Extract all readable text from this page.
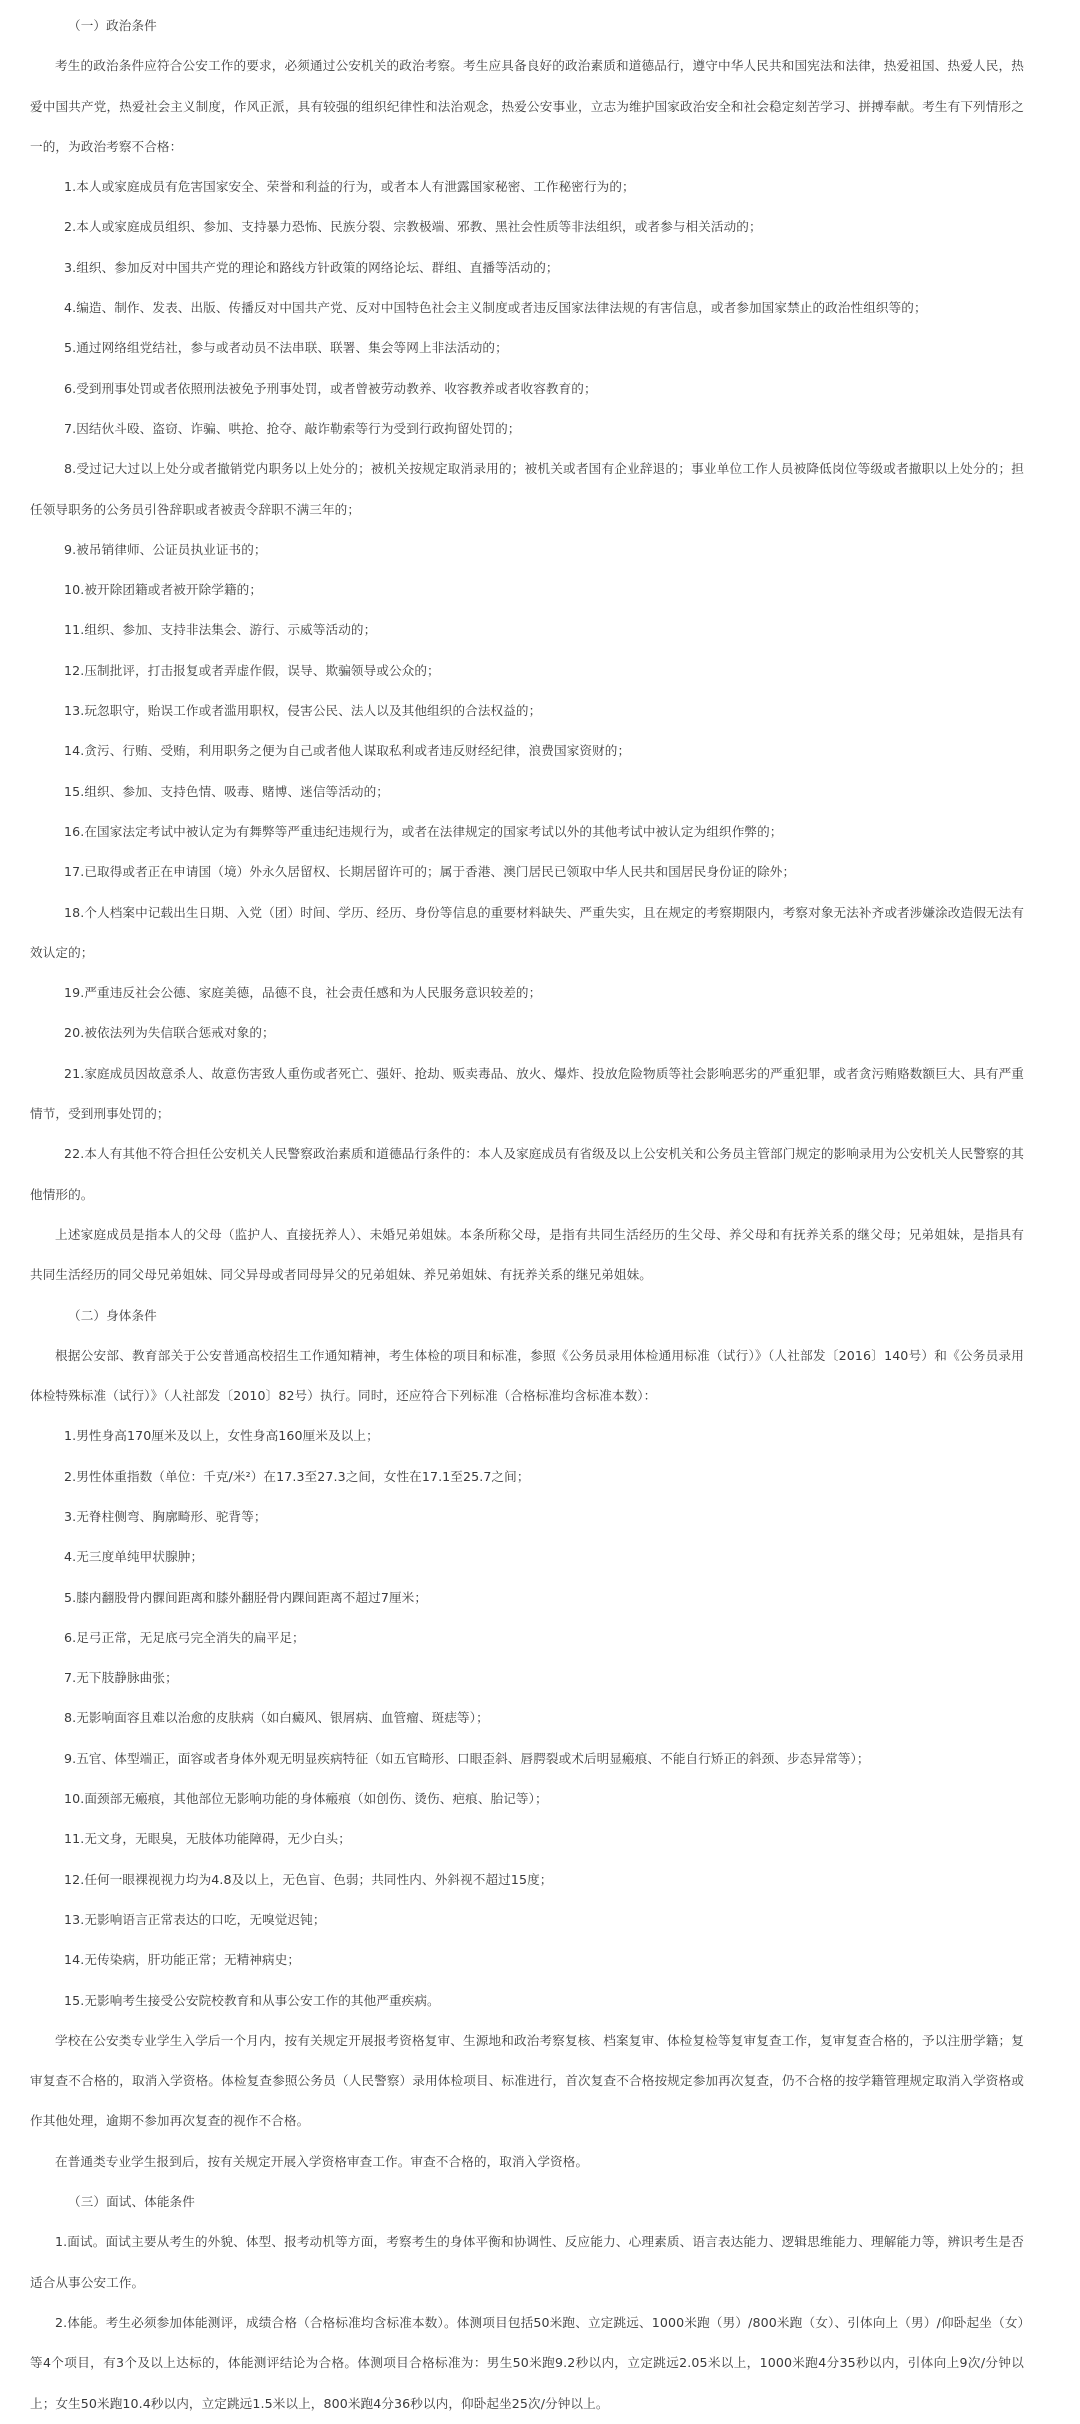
（一）政治条件

考生的政治条件应符合公安工作的要求，必须通过公安机关的政治考察。考生应具备良好的政治素质和道德品行，遵守中华人民共和国宪法和法律，热爱祖国、热爱人民，热爱中国共产党，热爱社会主义制度，作风正派，具有较强的组织纪律性和法治观念，热爱公安事业，立志为维护国家政治安全和社会稳定刻苦学习、拼搏奉献。考生有下列情形之一的，为政治考察不合格：

1.本人或家庭成员有危害国家安全、荣誉和利益的行为，或者本人有泄露国家秘密、工作秘密行为的；

2.本人或家庭成员组织、参加、支持暴力恐怖、民族分裂、宗教极端、邪教、黑社会性质等非法组织，或者参与相关活动的；

3.组织、参加反对中国共产党的理论和路线方针政策的网络论坛、群组、直播等活动的；

4.编造、制作、发表、出版、传播反对中国共产党、反对中国特色社会主义制度或者违反国家法律法规的有害信息，或者参加国家禁止的政治性组织等的；

5.通过网络组党结社，参与或者动员不法串联、联署、集会等网上非法活动的；

6.受到刑事处罚或者依照刑法被免予刑事处罚，或者曾被劳动教养、收容教养或者收容教育的；

7.因结伙斗殴、盗窃、诈骗、哄抢、抢夺、敲诈勒索等行为受到行政拘留处罚的；

8.受过记大过以上处分或者撤销党内职务以上处分的；被机关按规定取消录用的；被机关或者国有企业辞退的；事业单位工作人员被降低岗位等级或者撤职以上处分的；担任领导职务的公务员引咎辞职或者被责令辞职不满三年的；

9.被吊销律师、公证员执业证书的；

10.被开除团籍或者被开除学籍的；

11.组织、参加、支持非法集会、游行、示威等活动的；

12.压制批评，打击报复或者弄虚作假，误导、欺骗领导或公众的；

13.玩忽职守，贻误工作或者滥用职权，侵害公民、法人以及其他组织的合法权益的；

14.贪污、行贿、受贿，利用职务之便为自己或者他人谋取私利或者违反财经纪律，浪费国家资财的；

15.组织、参加、支持色情、吸毒、赌博、迷信等活动的；

16.在国家法定考试中被认定为有舞弊等严重违纪违规行为，或者在法律规定的国家考试以外的其他考试中被认定为组织作弊的；

17.已取得或者正在申请国（境）外永久居留权、长期居留许可的；属于香港、澳门居民已领取中华人民共和国居民身份证的除外；

18.个人档案中记载出生日期、入党（团）时间、学历、经历、身份等信息的重要材料缺失、严重失实，且在规定的考察期限内，考察对象无法补齐或者涉嫌涂改造假无法有效认定的；

19.严重违反社会公德、家庭美德，品德不良，社会责任感和为人民服务意识较差的；

20.被依法列为失信联合惩戒对象的；

21.家庭成员因故意杀人、故意伤害致人重伤或者死亡、强奸、抢劫、贩卖毒品、放火、爆炸、投放危险物质等社会影响恶劣的严重犯罪，或者贪污贿赂数额巨大、具有严重情节，受到刑事处罚的；

22.本人有其他不符合担任公安机关人民警察政治素质和道德品行条件的：本人及家庭成员有省级及以上公安机关和公务员主管部门规定的影响录用为公安机关人民警察的其他情形的。

上述家庭成员是指本人的父母（监护人、直接抚养人）、未婚兄弟姐妹。本条所称父母，是指有共同生活经历的生父母、养父母和有抚养关系的继父母；兄弟姐妹，是指具有共同生活经历的同父母兄弟姐妹、同父异母或者同母异父的兄弟姐妹、养兄弟姐妹、有抚养关系的继兄弟姐妹。

（二）身体条件

根据公安部、教育部关于公安普通高校招生工作通知精神，考生体检的项目和标准，参照《公务员录用体检通用标准（试行）》（人社部发〔2016〕140号）和《公务员录用体检特殊标准（试行）》（人社部发〔2010〕82号）执行。同时，还应符合下列标准（合格标准均含标准本数）：

1.男性身高170厘米及以上，女性身高160厘米及以上；

2.男性体重指数（单位：千克/米²）在17.3至27.3之间，女性在17.1至25.7之间；

3.无脊柱侧弯、胸廓畸形、驼背等；

4.无三度单纯甲状腺肿；

5.膝内翻股骨内髁间距离和膝外翻胫骨内踝间距离不超过7厘米；

6.足弓正常，无足底弓完全消失的扁平足；

7.无下肢静脉曲张；

8.无影响面容且难以治愈的皮肤病（如白癜风、银屑病、血管瘤、斑痣等）；

9.五官、体型端正，面容或者身体外观无明显疾病特征（如五官畸形、口眼歪斜、唇腭裂或术后明显瘢痕、不能自行矫正的斜颈、步态异常等）；

10.面颈部无瘢痕，其他部位无影响功能的身体瘢痕（如创伤、烫伤、疤痕、胎记等）；

11.无文身，无眼臭，无肢体功能障碍，无少白头；

12.任何一眼裸视视力均为4.8及以上，无色盲、色弱；共同性内、外斜视不超过15度；

13.无影响语言正常表达的口吃，无嗅觉迟钝；

14.无传染病，肝功能正常；无精神病史；

15.无影响考生接受公安院校教育和从事公安工作的其他严重疾病。

学校在公安类专业学生入学后一个月内，按有关规定开展报考资格复审、生源地和政治考察复核、档案复审、体检复检等复审复查工作，复审复查合格的，予以注册学籍；复审复查不合格的，取消入学资格。体检复查参照公务员（人民警察）录用体检项目、标准进行，首次复查不合格按规定参加再次复查，仍不合格的按学籍管理规定取消入学资格或作其他处理，逾期不参加再次复查的视作不合格。

在普通类专业学生报到后，按有关规定开展入学资格审查工作。审查不合格的，取消入学资格。

（三）面试、体能条件

1.面试。面试主要从考生的外貌、体型、报考动机等方面，考察考生的身体平衡和协调性、反应能力、心理素质、语言表达能力、逻辑思维能力、理解能力等，辨识考生是否适合从事公安工作。

2.体能。考生必须参加体能测评，成绩合格（合格标准均含标准本数）。体测项目包括50米跑、立定跳远、1000米跑（男）/800米跑（女）、引体向上（男）/仰卧起坐（女）等4个项目，有3个及以上达标的，体能测评结论为合格。体测项目合格标准为：男生50米跑9.2秒以内，立定跳远2.05米以上，1000米跑4分35秒以内，引体向上9次/分钟以上；女生50米跑10.4秒以内，立定跳远1.5米以上，800米跑4分36秒以内，仰卧起坐25次/分钟以上。
